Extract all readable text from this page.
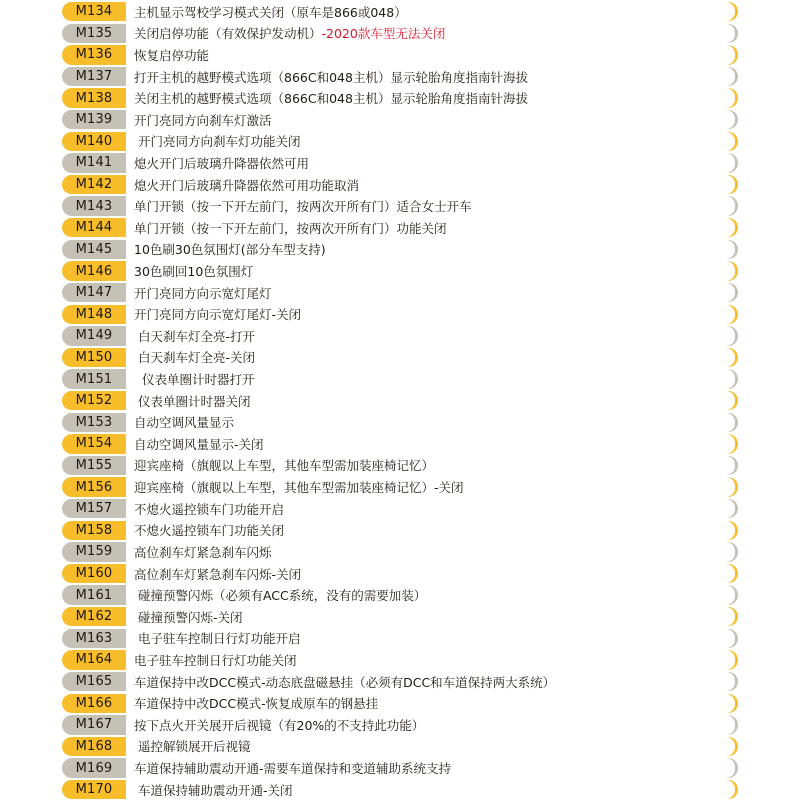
M134	主机显示驾校学习模式关闭（原车是866或048）
M135	关闭启停功能（有效保护发动机） -2020款车型无法关闭
M136	恢复启停功能
M137	打开主机的越野模式选项（866C和048主机）显示轮胎角度指南针海拔
M138	关闭主机的越野模式选项（866C和048主机）显示轮胎角度指南针海拔
M139	开门亮同方向刹车灯激活
M140	开门亮同方向刹车灯功能关闭
M141	熄火开门后玻璃升降器依然可用
M142	熄火开门后玻璃升降器依然可用功能取消
M143	单门开锁（按一下开左前门，按两次开所有门）适合女士开车
M144	单门开锁（按一下开左前门，按两次开所有门）功能关闭
M145	10色刷30色氛围灯(部分车型支持)
M146	30色刷回10色氛围灯
M147	开门亮同方向示宽灯尾灯
M148	开门亮同方向示宽灯尾灯-关闭
M149	白天刹车灯全亮-打开
M150	白天刹车灯全亮-关闭
M151	仪表单圈计时器打开
M152	仪表单圈计时器关闭
M153	自动空调风量显示
M154	自动空调风量显示-关闭
M155	迎宾座椅（旗舰以上车型，其他车型需加装座椅记忆）
M156	迎宾座椅（旗舰以上车型，其他车型需加装座椅记忆）-关闭
M157	不熄火遥控锁车门功能开启
M158	不熄火遥控锁车门功能关闭
M159	高位刹车灯紧急刹车闪烁
M160	高位刹车灯紧急刹车闪烁-关闭
M161	碰撞预警闪烁（必须有ACC系统，没有的需要加装）
M162	碰撞预警闪烁-关闭
M163	电子驻车控制日行灯功能开启
M164	电子驻车控制日行灯功能关闭
M165	车道保持中改DCC模式-动态底盘磁悬挂（必须有DCC和车道保持两大系统）
M166	车道保持中改DCC模式-恢复成原车的钢悬挂
M167	按下点火开关展开后视镜（有20%的不支持此功能）
M168	遥控解锁展开后视镜
M169	车道保持辅助震动开通-需要车道保持和变道辅助系统支持
M170	车道保持辅助震动开通-关闭
